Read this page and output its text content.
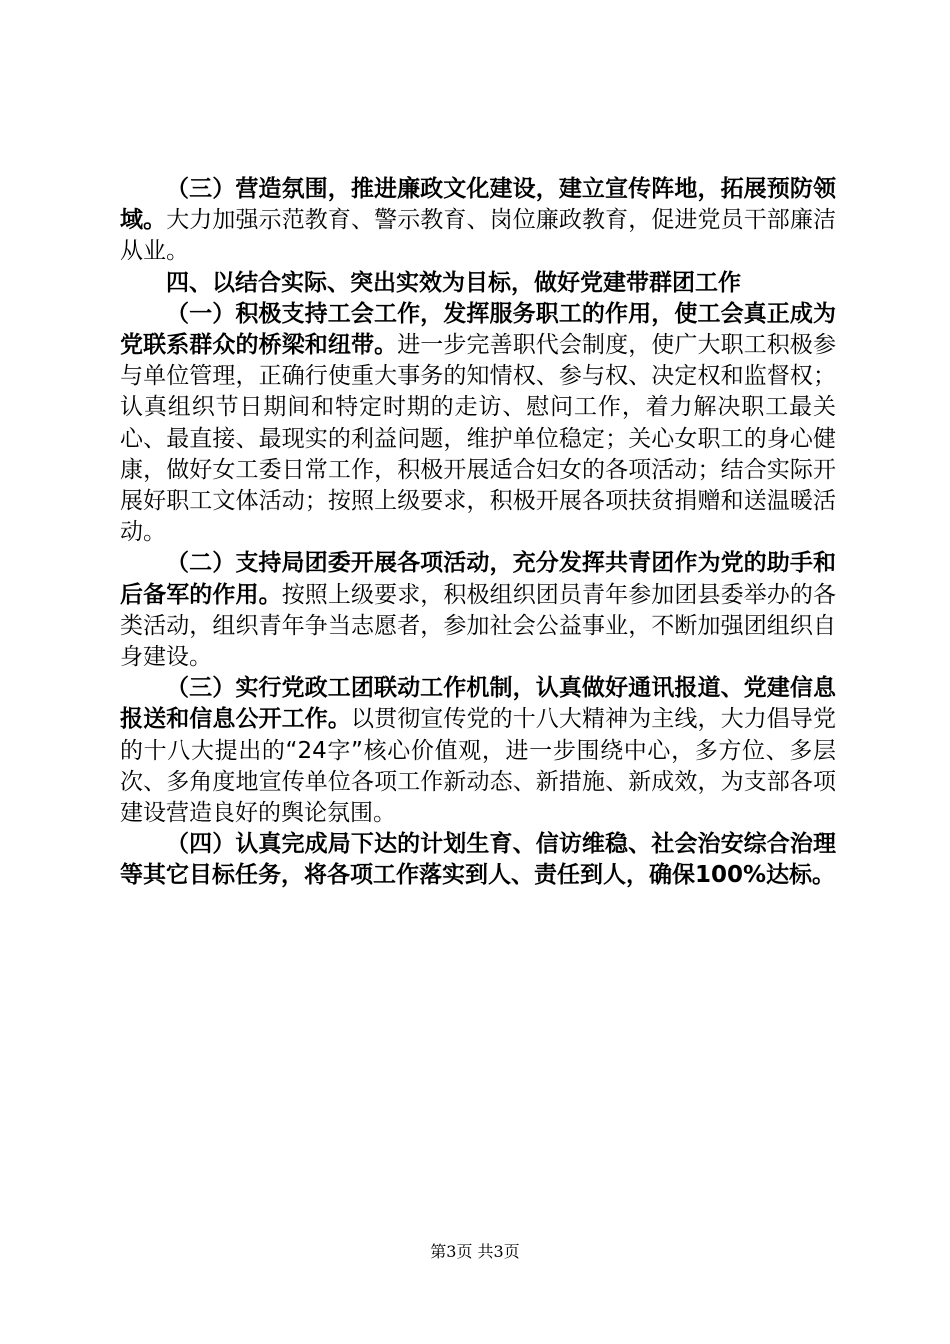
（三）营造氛围，推进廉政文化建设，建立宣传阵地，拓展预防领域。大力加强示范教育、警示教育、岗位廉政教育，促进党员干部廉洁从业。

四、以结合实际、突出实效为目标，做好党建带群团工作

（一）积极支持工会工作，发挥服务职工的作用，使工会真正成为党联系群众的桥梁和纽带。进一步完善职代会制度，使广大职工积极参与单位管理，正确行使重大事务的知情权、参与权、决定权和监督权；认真组织节日期间和特定时期的走访、慰问工作，着力解决职工最关心、最直接、最现实的利益问题，维护单位稳定；关心女职工的身心健康，做好女工委日常工作，积极开展适合妇女的各项活动；结合实际开展好职工文体活动；按照上级要求，积极开展各项扶贫捐赠和送温暖活动。

（二）支持局团委开展各项活动，充分发挥共青团作为党的助手和后备军的作用。按照上级要求，积极组织团员青年参加团县委举办的各类活动，组织青年争当志愿者，参加社会公益事业，不断加强团组织自身建设。

（三）实行党政工团联动工作机制，认真做好通讯报道、党建信息报送和信息公开工作。以贯彻宣传党的十八大精神为主线，大力倡导党的十八大提出的“24字”核心价值观，进一步围绕中心，多方位、多层次、多角度地宣传单位各项工作新动态、新措施、新成效，为支部各项建设营造良好的舆论氛围。

（四）认真完成局下达的计划生育、信访维稳、社会治安综合治理等其它目标任务，将各项工作落实到人、责任到人，确保100%达标。

第3页 共3页
